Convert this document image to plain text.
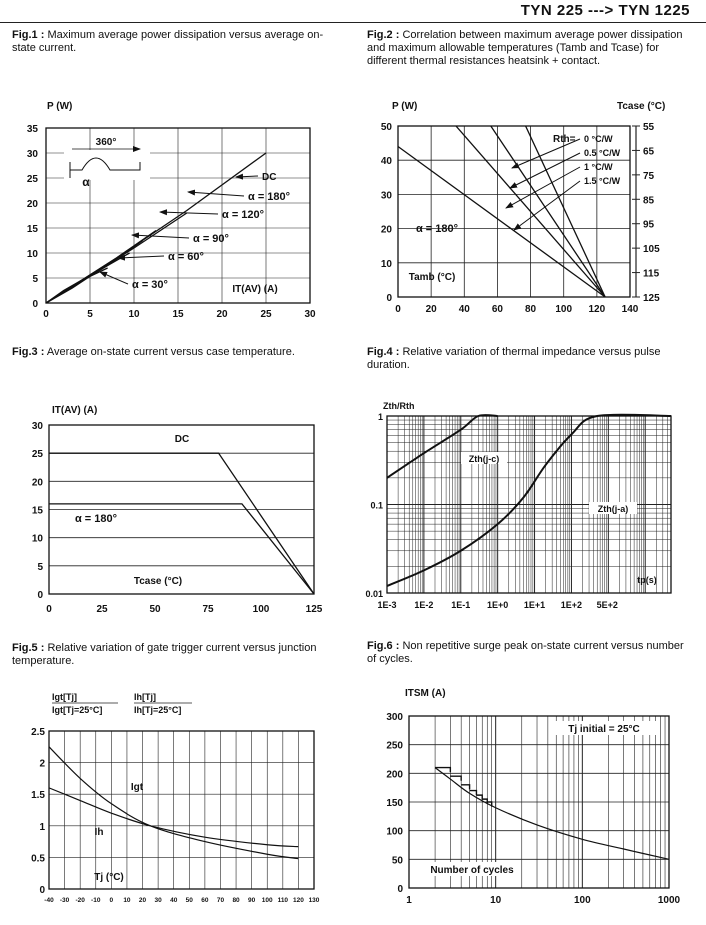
TYN 225 ---> TYN 1225
Fig.1 : Maximum average power dissipation versus average on-state current.
Fig.2 : Correlation between maximum average power dissipation and maximum allowable temperatures (Tamb and Tcase) for different thermal resistances heatsink + contact.
Fig.3 : Average on-state current versus case temperature.	Fig.4 : Relative variation of thermal impedance versus pulse duration.
Fig.5 : Relative variation of gate trigger current versus junction temperature.
Fig.6 : Non repetitive surge peak on-state current versus number of cycles.
0	5	10	15	20	25	30
0
5
10
15
20
25
30
35
P (W)
IT(AV) (A)
360°
α	DC
α = 180°
α = 120°
α = 90°
α = 60°
α = 30°
0 20 40 60 80 100 120 140
0
10
20
30
40
50
125
115
105
95
85
75
65
55
P (W)	Tcase (°C)
Rth= 0 °C/W
0.5 °C/W
1 °C/W
1.5 °C/W
α = 180°
Tamb (°C)
0	25	50	75	100	125
0
5
10
15
20
25
30
IT(AV) (A)
Tcase (°C)
DC
α = 180°
1E-3 1E-2 1E-1 1E+0 1E+1 1E+2 5E+2
0.01
0.1
1
Zth/Rth
tp(s)
Zth(j-c)
Zth(j-a)
-40 -30 -20 -10 0 10 20 30 40 50 60 70 80 90 100 110 120 130
0
0.5
1
1.5
2
2.5
Igt[Tj]
Igt[Tj=25°C]
Ih[Tj]
Ih[Tj=25°C]
Igt
Ih
Tj (°C)
1	10	100	1000
0
50
100
150
200
250
300
ITSM (A)
Tj initial = 25°C
Number of cycles
